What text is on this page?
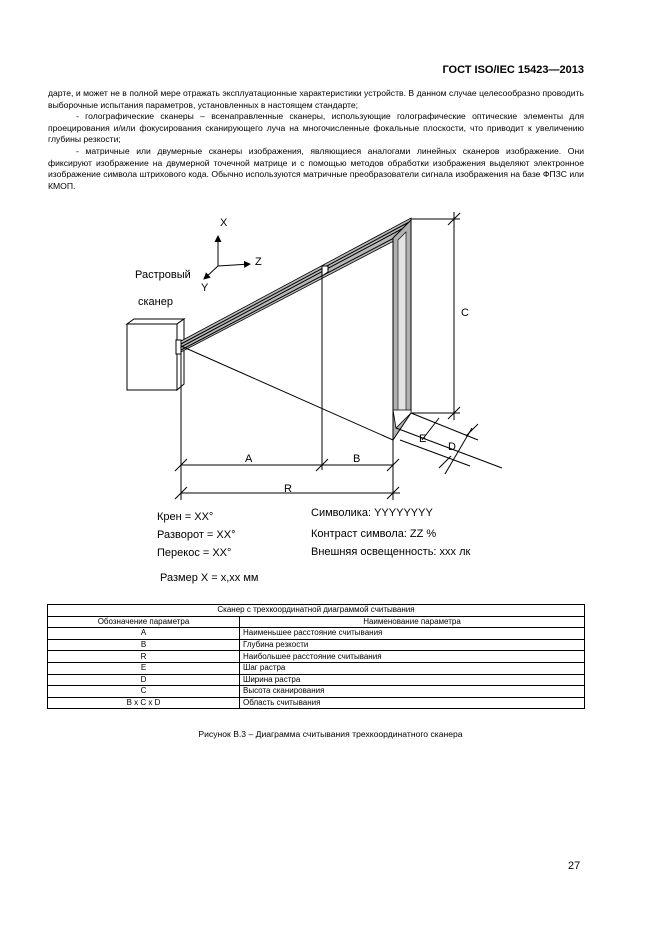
ГОСТ ISO/IEC 15423—2013

дарте, и может не в полной мере отражать эксплуатационные характеристики устройств. В данном случае целесообразно проводить выборочные испытания параметров, установленных в настоящем стандарте;

- голографические сканеры – всенаправленные сканеры, использующие голографические оптические элементы для проецирования и/или фокусирования сканирующего луча на многочисленные фокальные плоскости, что приводит к увеличению глубины резкости;

- матричные или двумерные сканеры изображения, являющиеся аналогами линейных сканеров изображение. Они фиксируют изображение на двумерной точечной матрице и с помощью методов обработки изображения выделяют электронное изображение символа штрихового кода. Обычно используются матричные преобразователи сигнала изображения на базе ФПЗС или КМОП.

X
Z
Y
Растровый
сканер
A	B
R
C
E
D
Крен = XX°
Разворот = XX°
Перекос = XX°
Размер X = x,xx мм
Символика: YYYYYYYY
Контраст символа: ZZ %
Внешняя освещенность: xxx лк
Сканер с трехкоординатной диаграммой считывания	
Обозначение параметра	Наименование параметра
A	Наименьшее расстояние считывания
B	Глубина резкости
R	Наибольшее расстояние считывания
E	Шаг растра
D	Ширина растра
C	Высота сканирования
B x C x D	Область считывания
Рисунок В.3 – Диаграмма считывания трехкоординатного сканера
27
